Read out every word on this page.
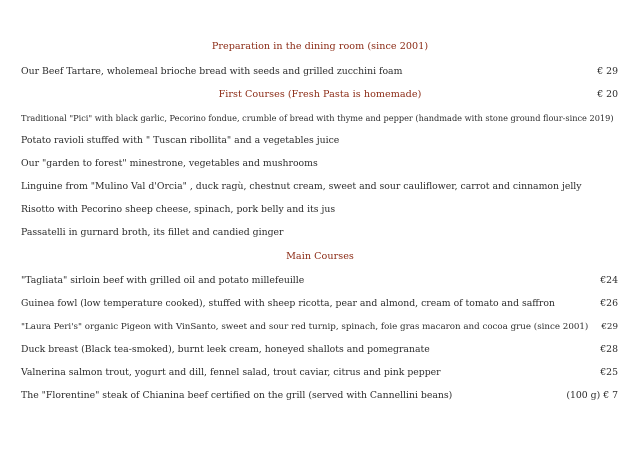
Preparation in the dining room (since 2001)
Our Beef Tartare, wholemeal brioche bread with seeds and grilled zucchini foam	€ 29
First Courses (Fresh Pasta is homemade)	€ 20
Traditional "Pici" with black garlic, Pecorino fondue, crumble of bread with thyme and pepper (handmade with stone ground flour-since 2019)
Potato ravioli stuffed with " Tuscan ribollita" and a vegetables juice
Our "garden to forest" minestrone, vegetables and mushrooms
Linguine from "Mulino Val d'Orcia" , duck ragù, chestnut cream, sweet and sour cauliflower, carrot and cinnamon jelly
Risotto with Pecorino sheep cheese, spinach, pork belly and its jus
Passatelli in gurnard broth, its fillet and candied ginger
Main Courses
"Tagliata" sirloin beef with grilled oil and potato millefeuille	€24
Guinea fowl (low temperature cooked), stuffed with sheep ricotta, pear and almond, cream of tomato and saffron	€26
"Laura Peri's" organic Pigeon with VinSanto, sweet and sour red turnip, spinach, foie gras macaron and cocoa grue (since 2001) €29
Duck breast (Black tea-smoked), burnt leek cream, honeyed shallots and pomegranate	€28
Valnerina salmon trout, yogurt and dill, fennel salad, trout caviar, citrus and pink pepper	€25
The "Florentine" steak of Chianina beef certified on the grill (served with Cannellini beans)	(100 g) € 7
